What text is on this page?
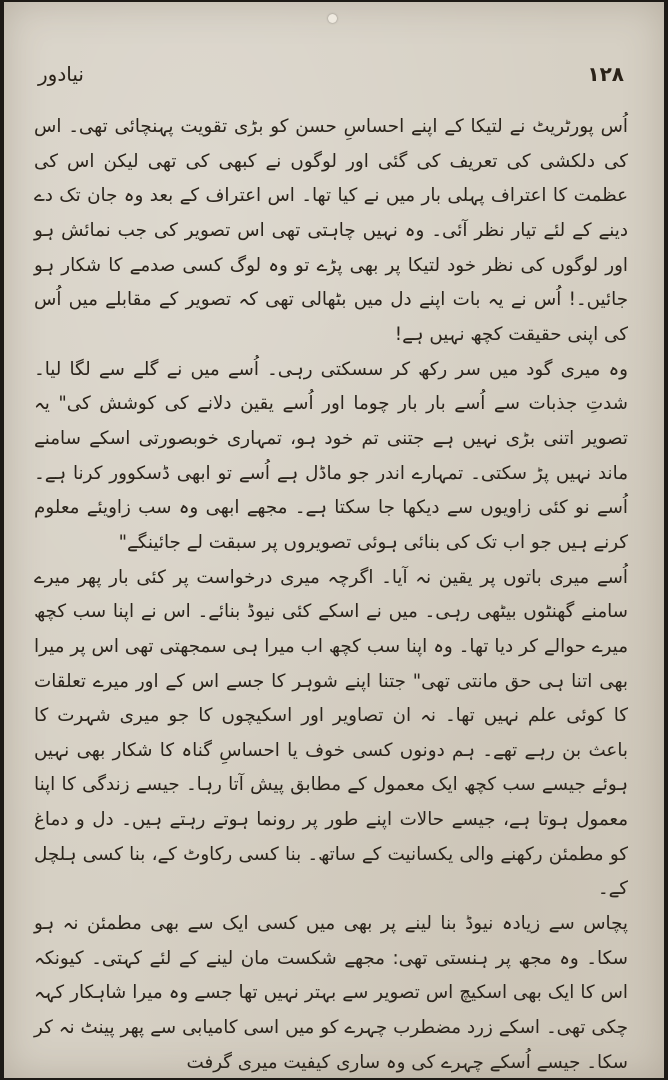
نیادور	۱۲۸

اُس پورٹریٹ نے لتیکا کے اپنے احساسِ حسن کو بڑی تقویت پہنچائی تھی۔ اس کی دلکشی کی تعریف کی گئی اور لوگوں نے کبھی کی تھی لیکن اس کی عظمت کا اعتراف پہلی بار میں نے کیا تھا۔ اس اعتراف کے بعد وہ جان تک دے دینے کے لئے تیار نظر آئی۔ وہ نہیں چاہتی تھی اس تصویر کی جب نمائش ہو اور لوگوں کی نظر خود لتیکا پر بھی پڑے تو وہ لوگ کسی صدمے کا شکار ہو جائیں۔! اُس نے یہ بات اپنے دل میں بٹھالی تھی کہ تصویر کے مقابلے میں اُس کی اپنی حقیقت کچھ نہیں ہے!

وہ میری گود میں سر رکھ کر سسکتی رہی۔ اُسے میں نے گلے سے لگا لیا۔ شدتِ جذبات سے اُسے بار بار چوما اور اُسے یقین دلانے کی کوشش کی" یہ تصویر اتنی بڑی نہیں ہے جتنی تم خود ہو، تمہاری خوبصورتی اسکے سامنے ماند نہیں پڑ سکتی۔ تمہارے اندر جو ماڈل ہے اُسے تو ابھی ڈسکوور کرنا ہے۔ اُسے نو کئی زاویوں سے دیکھا جا سکتا ہے۔ مجھے ابھی وہ سب زاویئے معلوم کرنے ہیں جو اب تک کی بنائی ہوئی تصویروں پر سبقت لے جائینگے"

اُسے میری باتوں پر یقین نہ آیا۔ اگرچہ میری درخواست پر کئی بار پھر میرے سامنے گھنٹوں بیٹھی رہی۔ میں نے اسکے کئی نیوڈ بنائے۔ اس نے اپنا سب کچھ میرے حوالے کر دیا تھا۔ وہ اپنا سب کچھ اب میرا ہی سمجھتی تھی اس پر میرا بھی اتنا ہی حق مانتی تھی" جتنا اپنے شوہر کا جسے اس کے اور میرے تعلقات کا کوئی علم نہیں تھا۔ نہ ان تصاویر اور اسکیچوں کا جو میری شہرت کا باعث بن رہے تھے۔ ہم دونوں کسی خوف یا احساسِ گناہ کا شکار بھی نہیں ہوئے جیسے سب کچھ ایک معمول کے مطابق پیش آتا رہا۔ جیسے زندگی کا اپنا معمول ہوتا ہے، جیسے حالات اپنے طور پر رونما ہوتے رہتے ہیں۔ دل و دماغ کو مطمئن رکھنے والی یکسانیت کے ساتھ۔ بنا کسی رکاوٹ کے، بنا کسی ہلچل کے۔

پچاس سے زیادہ نیوڈ بنا لینے پر بھی میں کسی ایک سے بھی مطمئن نہ ہو سکا۔ وہ مجھ پر ہنستی تھی: مجھے شکست مان لینے کے لئے کہتی۔ کیونکہ اس کا ایک بھی اسکیچ اس تصویر سے بہتر نہیں تھا جسے وہ میرا شاہکار کہہ چکی تھی۔ اسکے زرد مضطرب چہرے کو میں اسی کامیابی سے پھر پینٹ نہ کر سکا۔ جیسے اُسکے چہرے کی وہ ساری کیفیت میری گرفت
